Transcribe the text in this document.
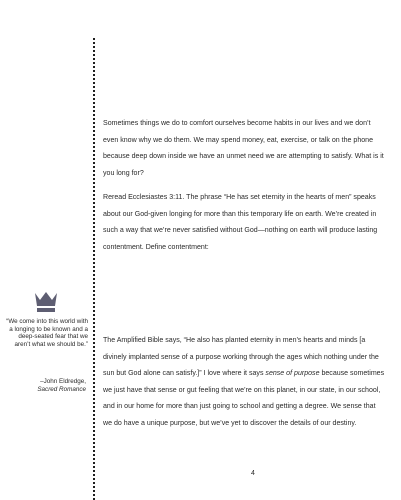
Sometimes things we do to comfort ourselves become habits in our lives and we don’t even know why we do them. We may spend money, eat, exercise, or talk on the phone because deep down inside we have an unmet need we are attempting to satisfy. What is it you long for?

Reread Ecclesiastes 3:11. The phrase “He has set eternity in the hearts of men” speaks about our God-given longing for more than this temporary life on earth. We’re created in such a way that we’re never satisfied without God—nothing on earth will produce lasting contentment. Define contentment:

The Amplified Bible says, “He also has planted eternity in men’s hearts and minds [a divinely implanted sense of a purpose working through the ages which nothing under the sun but God alone can satisfy.]” I love where it says sense of purpose because sometimes we just have that sense or gut feeling that we’re on this planet, in our state, in our school, and in our home for more than just going to school and getting a degree. We sense that we do have a unique purpose, but we’ve yet to discover the details of our destiny.

“We come into this world with a longing to be known and a deep-seated fear that we aren’t what we should be.”

–John Eldredge,
Sacred Romance
4
